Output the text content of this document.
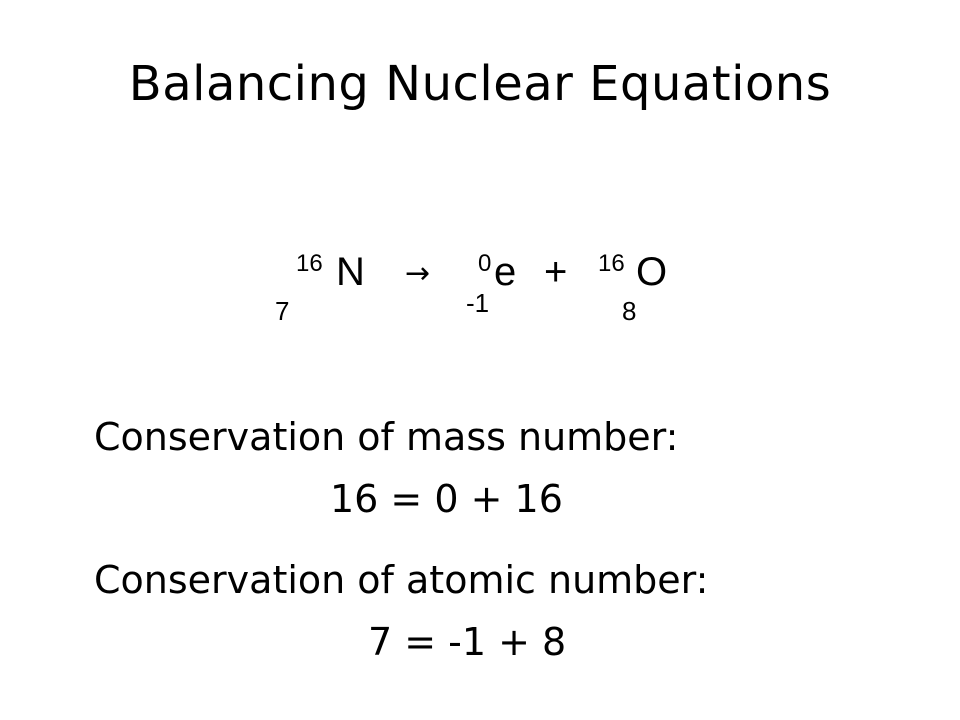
Balancing Nuclear Equations
16 N
7
→ 0 e
-1
+ 16 O
8
Conservation of mass number:
16 = 0 + 16
Conservation of atomic number:
7 = -1 + 8
